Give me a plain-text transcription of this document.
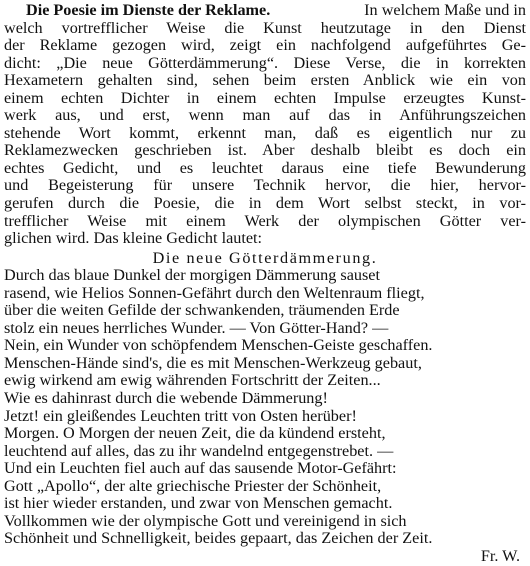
Die Poesie im Dienste der Reklame.	In welchem Maße und in
welch vortrefflicher Weise die Kunst heutzutage in den Dienst
der Reklame gezogen wird, zeigt ein nachfolgend aufgeführtes Ge-
dicht: „Die neue Götterdämmerung“. Diese Verse, die in korrekten
Hexametern gehalten sind, sehen beim ersten Anblick wie ein von
einem echten Dichter in einem echten Impulse erzeugtes Kunst-
werk aus, und erst, wenn man auf das in Anführungszeichen
stehende Wort kommt, erkennt man, daß es eigentlich nur zu
Reklamezwecken geschrieben ist. Aber deshalb bleibt es doch ein
echtes Gedicht, und es leuchtet daraus eine tiefe Bewunderung
und Begeisterung für unsere Technik hervor, die hier, hervor-
gerufen durch die Poesie, die in dem Wort selbst steckt, in vor-
trefflicher Weise mit einem Werk der olympischen Götter ver-
glichen wird. Das kleine Gedicht lautet:
Die neue Götterdämmerung.
Durch das blaue Dunkel der morgigen Dämmerung sauset
rasend, wie Helios Sonnen-Gefährt durch den Weltenraum fliegt,
über die weiten Gefilde der schwankenden, träumenden Erde
stolz ein neues herrliches Wunder. — Von Götter-Hand? —
Nein, ein Wunder von schöpfendem Menschen-Geiste geschaffen.
Menschen-Hände sind's, die es mit Menschen-Werkzeug gebaut,
ewig wirkend am ewig währenden Fortschritt der Zeiten...
Wie es dahinrast durch die webende Dämmerung!
Jetzt! ein gleißendes Leuchten tritt von Osten herüber!
Morgen. O Morgen der neuen Zeit, die da kündend ersteht,
leuchtend auf alles, das zu ihr wandelnd entgegenstrebet. —
Und ein Leuchten fiel auch auf das sausende Motor-Gefährt:
Gott „Apollo“, der alte griechische Priester der Schönheit,
ist hier wieder erstanden, und zwar von Menschen gemacht.
Vollkommen wie der olympische Gott und vereinigend in sich
Schönheit und Schnelligkeit, beides gepaart, das Zeichen der Zeit.
Fr. W.
